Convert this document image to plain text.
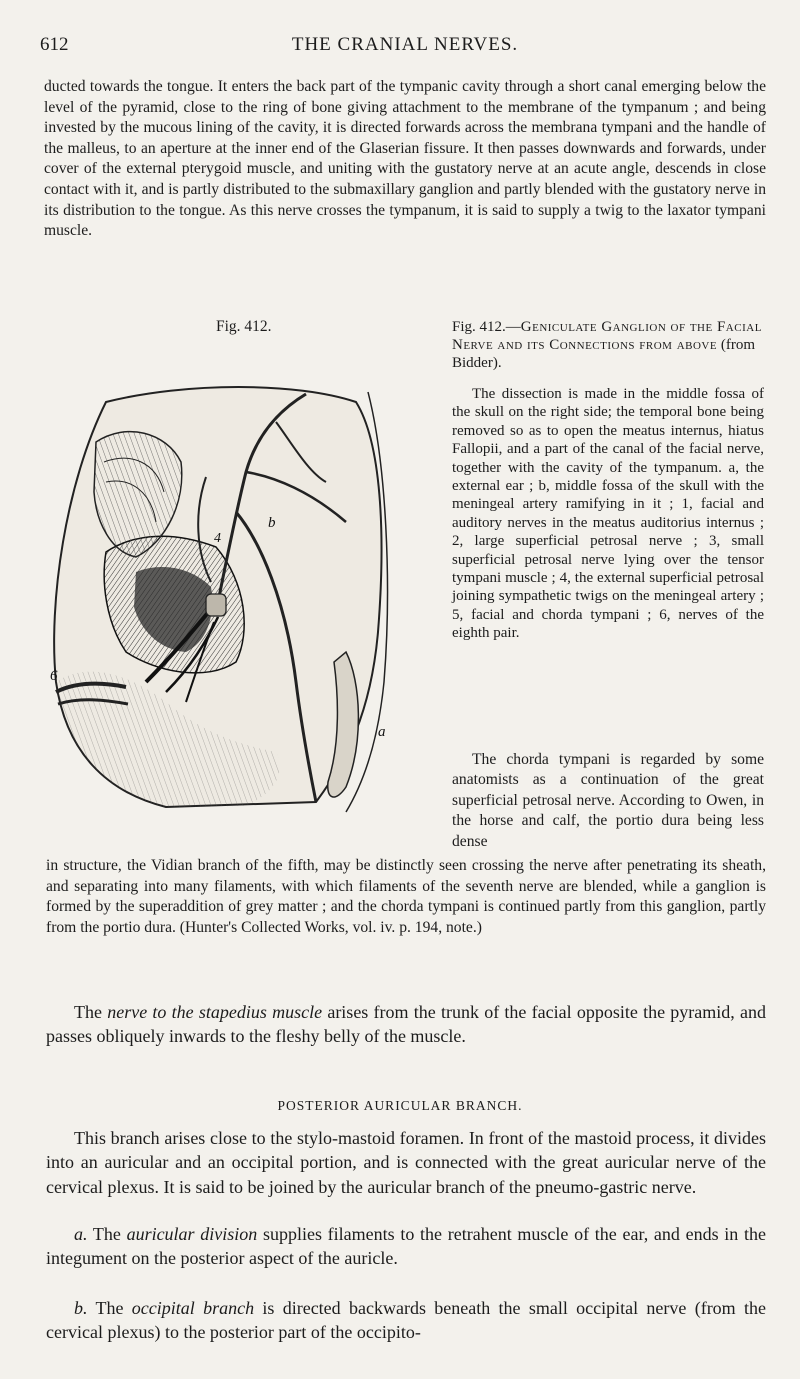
612	THE CRANIAL NERVES.

ducted towards the tongue. It enters the back part of the tympanic cavity through a short canal emerging below the level of the pyramid, close to the ring of bone giving attachment to the membrane of the tympanum ; and being invested by the mucous lining of the cavity, it is directed forwards across the membrana tympani and the handle of the malleus, to an aperture at the inner end of the Glaserian fissure. It then passes downwards and forwards, under cover of the external pterygoid muscle, and uniting with the gustatory nerve at an acute angle, descends in close contact with it, and is partly distributed to the submaxillary ganglion and partly blended with the gustatory nerve in its distribution to the tongue. As this nerve crosses the tympanum, it is said to supply a twig to the laxator tympani muscle.

Fig. 412.
b
4
6
a

Fig. 412.—Geniculate Ganglion of the Facial Nerve and its Connections from above (from Bidder).

The dissection is made in the middle fossa of the skull on the right side; the temporal bone being removed so as to open the meatus internus, hiatus Fallopii, and a part of the canal of the facial nerve, together with the cavity of the tympanum. a, the external ear ; b, middle fossa of the skull with the meningeal artery ramifying in it ; 1, facial and auditory nerves in the meatus auditorius internus ; 2, large superficial petrosal nerve ; 3, small superficial petrosal nerve lying over the tensor tympani muscle ; 4, the external superficial petrosal joining sympathetic twigs on the meningeal artery ; 5, facial and chorda tympani ; 6, nerves of the eighth pair.

The chorda tympani is regarded by some anatomists as a continuation of the great superficial petrosal nerve. According to Owen, in the horse and calf, the portio dura being less dense

in structure, the Vidian branch of the fifth, may be distinctly seen crossing the nerve after penetrating its sheath, and separating into many filaments, with which filaments of the seventh nerve are blended, while a ganglion is formed by the superaddition of grey matter ; and the chorda tympani is continued partly from this ganglion, partly from the portio dura. (Hunter's Collected Works, vol. iv. p. 194, note.)

The nerve to the stapedius muscle arises from the trunk of the facial opposite the pyramid, and passes obliquely inwards to the fleshy belly of the muscle.

POSTERIOR AURICULAR BRANCH.

This branch arises close to the stylo-mastoid foramen. In front of the mastoid process, it divides into an auricular and an occipital portion, and is connected with the great auricular nerve of the cervical plexus. It is said to be joined by the auricular branch of the pneumo-gastric nerve.

a. The auricular division supplies filaments to the retrahent muscle of the ear, and ends in the integument on the posterior aspect of the auricle.

b. The occipital branch is directed backwards beneath the small occipital nerve (from the cervical plexus) to the posterior part of the occipito-
